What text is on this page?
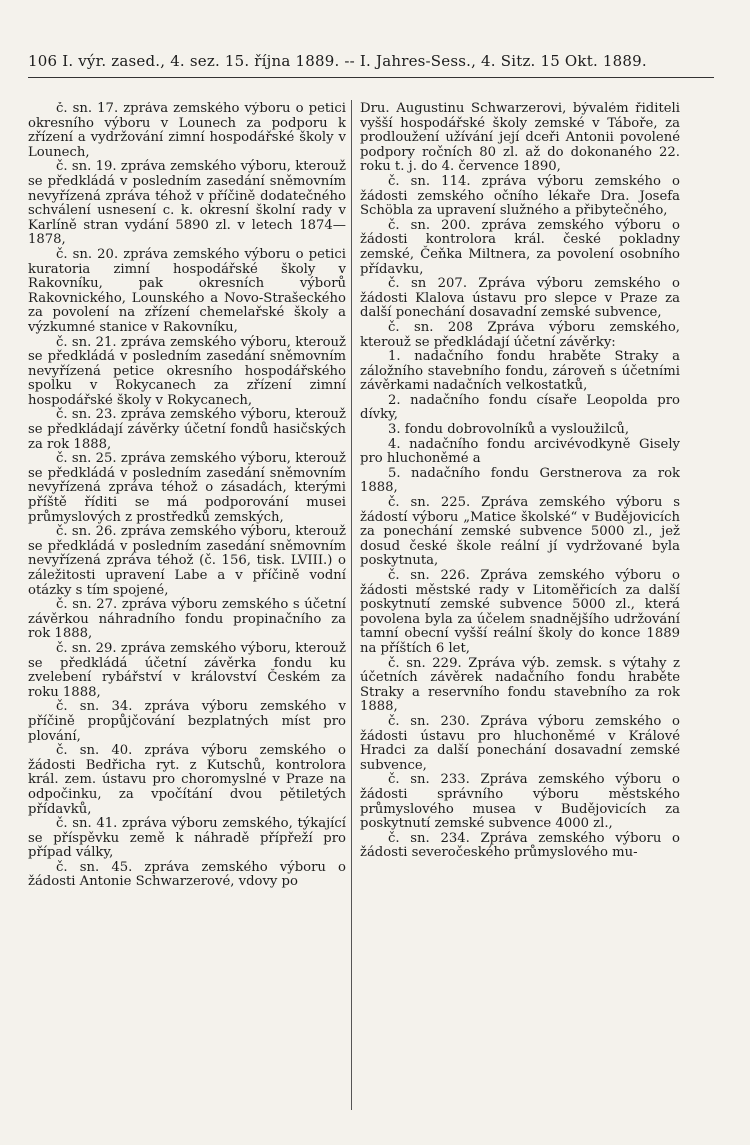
106 I. výr. zased., 4. sez. 15. října 1889. -- I. Jahres-Sess., 4. Sitz. 15 Okt. 1889.

č. sn. 17. zpráva zemského výboru o petici okresního výboru v Lounech za podporu k zřízení a vydržování zimní hospodářské školy v Lounech,

č. sn. 19. zpráva zemského výboru, kterouž se předkládá v posledním zasedání sněmovním nevyřízená zpráva téhož v příčině dodatečného schválení usnesení c. k. okresní školní rady v Karlíně stran vydání 5890 zl. v letech 1874—1878,

č. sn. 20. zpráva zemského výboru o petici kuratoria zimní hospodářské školy v Rakovníku, pak okresních výborů Rakovnického, Lounského a Novo-Strašeckého za povolení na zřízení chemelařské školy a výzkumné stanice v Rakovníku,

č. sn. 21. zpráva zemského výboru, kterouž se předkládá v posledním zasedání sněmovním nevyřízená petice okresního hospodářského spolku v Rokycanech za zřízení zimní hospodářské školy v Rokycanech,

č. sn. 23. zpráva zemského výboru, kterouž se předkládají závěrky účetní fondů hasičských za rok 1888,

č. sn. 25. zpráva zemského výboru, kterouž se předkládá v posledním zasedání sněmovním nevyřízená zpráva téhož o zásadách, kterými příště říditi se má podporování musei průmyslových z prostředků zemských,

č. sn. 26. zpráva zemského výboru, kterouž se předkládá v posledním zasedání sněmovním nevyřízená zpráva téhož (č. 156, tisk. LVIII.) o záležitosti upravení Labe a v příčině vodní otázky s tím spojené,

č. sn. 27. zpráva výboru zemského s účetní závěrkou náhradního fondu propinačního za rok 1888,

č. sn. 29. zpráva zemského výboru, kterouž se předkládá účetní závěrka fondu ku zvelebení rybářství v království Českém za roku 1888,

č. sn. 34. zpráva výboru zemského v příčině propůjčování bezplatných míst pro plování,

č. sn. 40. zpráva výboru zemského o žádosti Bedřicha ryt. z Kutschů, kontrolora král. zem. ústavu pro choromyslné v Praze na odpočinku, za vpočítání dvou pětiletých přídavků,

č. sn. 41. zpráva výboru zemského, týkající se příspěvku země k náhradě přípřeží pro případ války,

č. sn. 45. zpráva zemského výboru o žádosti Antonie Schwarzerové, vdovy po

Dru. Augustinu Schwarzerovi, bývalém řiditeli vyšší hospodářské školy zemské v Táboře, za prodloužení užívání její dceři Antonii povolené podpory ročních 80 zl. až do dokonaného 22. roku t. j. do 4. července 1890,

č. sn. 114. zpráva výboru zemského o žádosti zemského očního lékaře Dra. Josefa Schöbla za upravení služného a přibytečného,

č. sn. 200. zpráva zemského výboru o žádosti kontrolora král. české pokladny zemské, Čeňka Miltnera, za povolení osobního přídavku,

č. sn 207. Zpráva výboru zemského o žádosti Klalova ústavu pro slepce v Praze za další ponechání dosavadní zemské subvence,

č. sn. 208 Zpráva výboru zemského, kterouž se předkládají účetní závěrky:

1. nadačního fondu hraběte Straky a záložního stavebního fondu, zároveň s účetními závěrkami nadačních velkostatků,

2. nadačního fondu císaře Leopolda pro dívky,

3. fondu dobrovolníků a vysloužilců,

4. nadačního fondu arcivévodkyně Gisely pro hluchoněmé a

5. nadačního fondu Gerstnerova za rok 1888,

č. sn. 225. Zpráva zemského výboru s žádostí výboru „Matice školské“ v Budějovicích za ponechání zemské subvence 5000 zl., jež dosud české škole reální jí vydržované byla poskytnuta,

č. sn. 226. Zpráva zemského výboru o žádosti městské rady v Litoměřicích za další poskytnutí zemské subvence 5000 zl., která povolena byla za účelem snadnějšího udržování tamní obecní vyšší reální školy do konce 1889 na příštích 6 let,

č. sn. 229. Zpráva výb. zemsk. s výtahy z účetních závěrek nadačního fondu hraběte Straky a reservního fondu stavebního za rok 1888,

č. sn. 230. Zpráva výboru zemského o žádosti ústavu pro hluchoněmé v Králové Hradci za další ponechání dosavadní zemské subvence,

č. sn. 233. Zpráva zemského výboru o žádosti správního výboru městského průmyslového musea v Budějovicích za poskytnutí zemské subvence 4000 zl.,

č. sn. 234. Zpráva zemského výboru o žádosti severočeského průmyslového mu-
